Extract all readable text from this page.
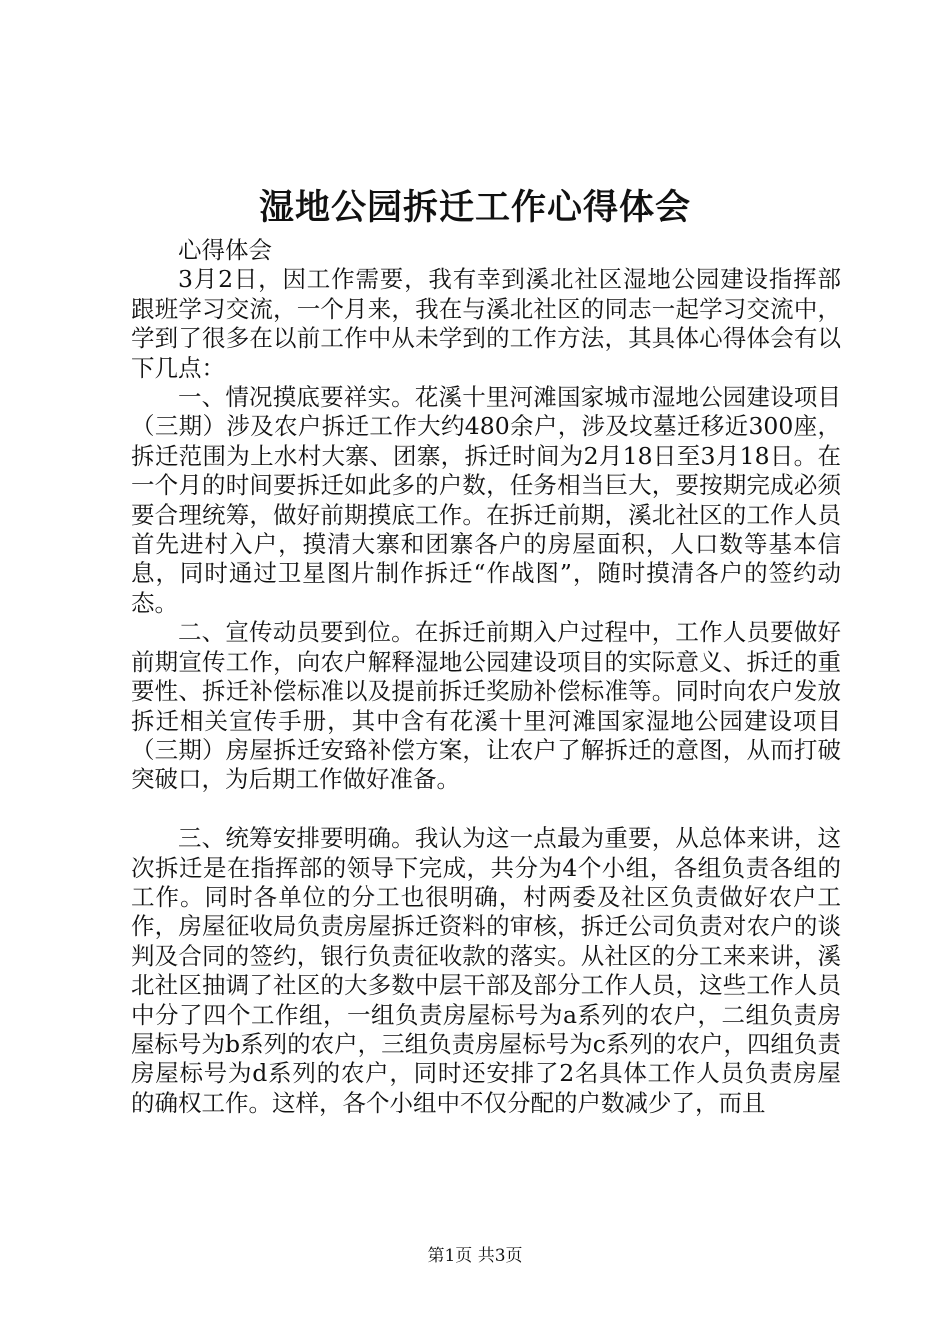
湿地公园拆迁工作心得体会

心得体会

3月2日，因工作需要，我有幸到溪北社区湿地公园建设指挥部跟班学习交流，一个月来，我在与溪北社区的同志一起学习交流中，学到了很多在以前工作中从未学到的工作方法，其具体心得体会有以下几点：

一、情况摸底要祥实。花溪十里河滩国家城市湿地公园建设项目（三期）涉及农户拆迁工作大约480余户，涉及坟墓迁移近300座，拆迁范围为上水村大寨、团寨，拆迁时间为2月18日至3月18日。在一个月的时间要拆迁如此多的户数，任务相当巨大，要按期完成必须要合理统筹，做好前期摸底工作。在拆迁前期，溪北社区的工作人员首先进村入户，摸清大寨和团寨各户的房屋面积，人口数等基本信息，同时通过卫星图片制作拆迁“作战图”，随时摸清各户的签约动态。

二、宣传动员要到位。在拆迁前期入户过程中，工作人员要做好前期宣传工作，向农户解释湿地公园建设项目的实际意义、拆迁的重要性、拆迁补偿标准以及提前拆迁奖励补偿标准等。同时向农户发放拆迁相关宣传手册，其中含有花溪十里河滩国家湿地公园建设项目（三期）房屋拆迁安臵补偿方案，让农户了解拆迁的意图，从而打破突破口，为后期工作做好准备。

三、统筹安排要明确。我认为这一点最为重要，从总体来讲，这次拆迁是在指挥部的领导下完成，共分为4个小组，各组负责各组的工作。同时各单位的分工也很明确，村两委及社区负责做好农户工作，房屋征收局负责房屋拆迁资料的审核，拆迁公司负责对农户的谈判及合同的签约，银行负责征收款的落实。从社区的分工来来讲，溪北社区抽调了社区的大多数中层干部及部分工作人员，这些工作人员中分了四个工作组，一组负责房屋标号为a系列的农户，二组负责房屋标号为b系列的农户，三组负责房屋标号为c系列的农户，四组负责房屋标号为d系列的农户，同时还安排了2名具体工作人员负责房屋的确权工作。这样，各个小组中不仅分配的户数减少了，而且

第1页 共3页
